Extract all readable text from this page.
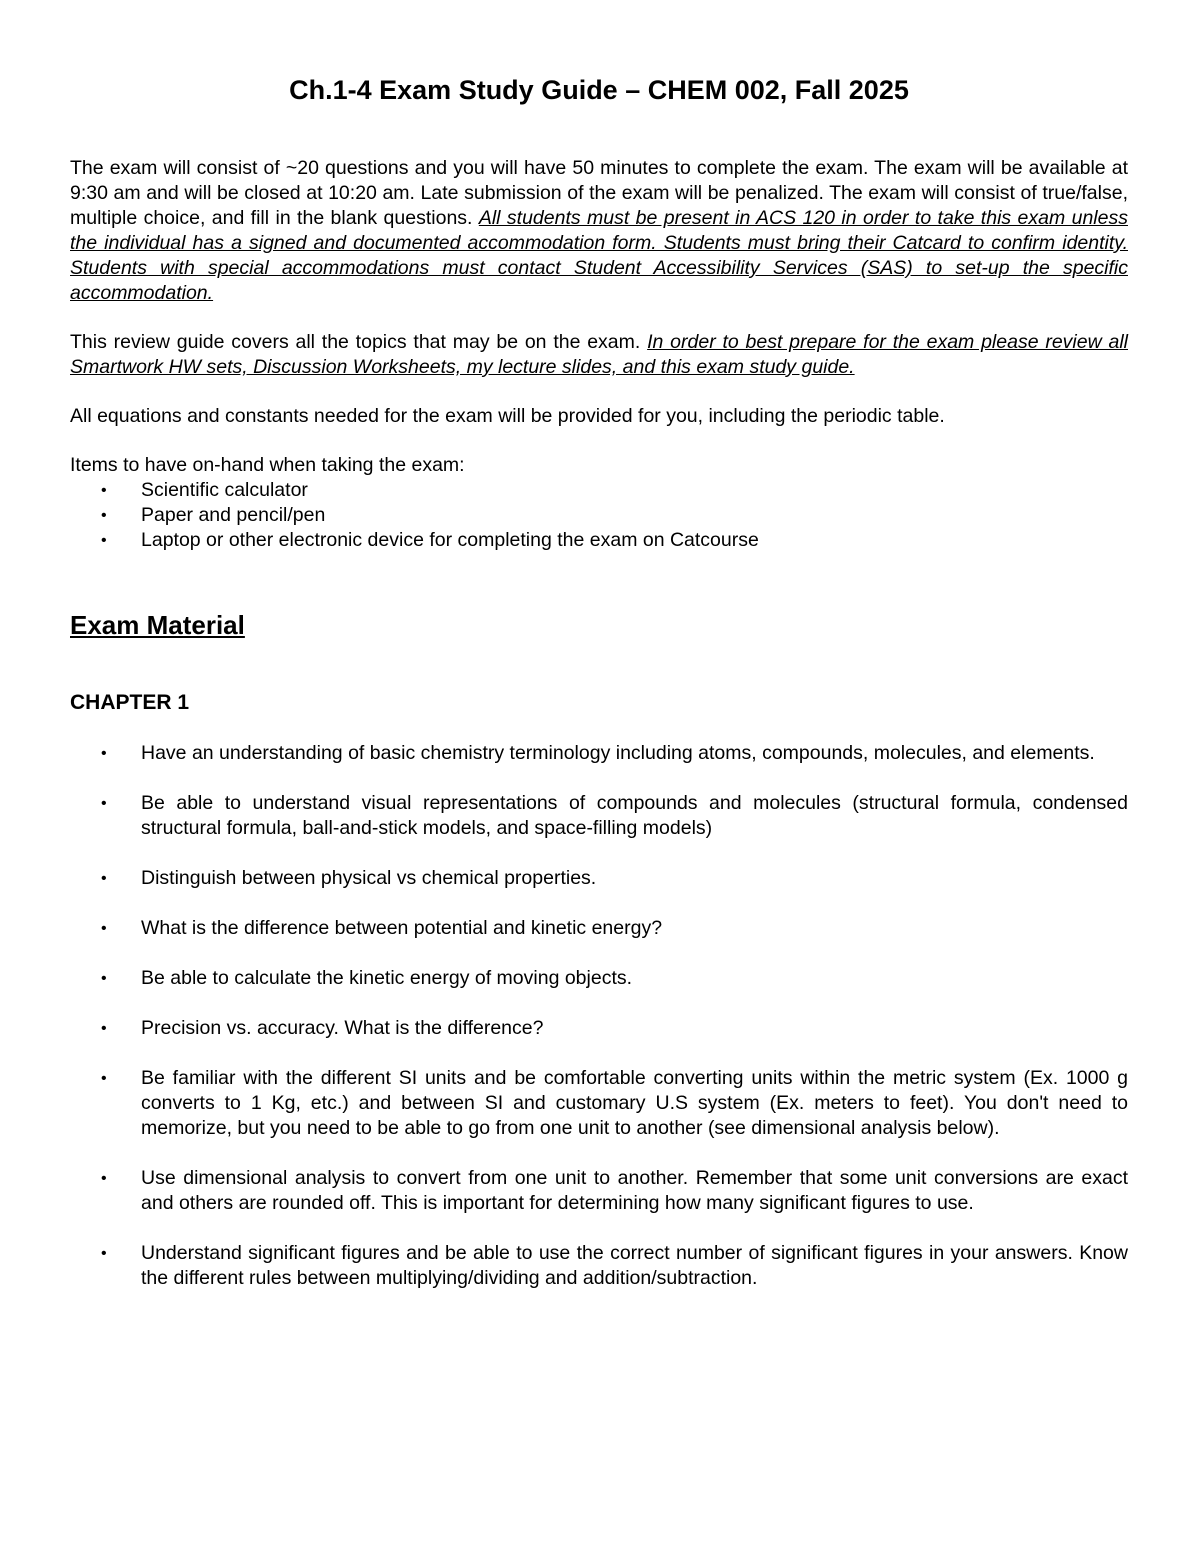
Ch.1-4 Exam Study Guide – CHEM 002, Fall 2025

The exam will consist of ~20 questions and you will have 50 minutes to complete the exam. The exam will be available at 9:30 am and will be closed at 10:20 am. Late submission of the exam will be penalized. The exam will consist of true/false, multiple choice, and fill in the blank questions. All students must be present in ACS 120 in order to take this exam unless the individual has a signed and documented accommodation form. Students must bring their Catcard to confirm identity. Students with special accommodations must contact Student Accessibility Services (SAS) to set-up the specific accommodation.

This review guide covers all the topics that may be on the exam. In order to best prepare for the exam please review all Smartwork HW sets, Discussion Worksheets, my lecture slides, and this exam study guide.

All equations and constants needed for the exam will be provided for you, including the periodic table.

Items to have on-hand when taking the exam:

• Scientific calculator
• Paper and pencil/pen
• Laptop or other electronic device for completing the exam on Catcourse
Exam Material
CHAPTER 1
• Have an understanding of basic chemistry terminology including atoms, compounds, molecules, and elements.
• Be able to understand visual representations of compounds and molecules (structural formula, condensed structural formula, ball-and-stick models, and space-filling models)
• Distinguish between physical vs chemical properties.
• What is the difference between potential and kinetic energy?
• Be able to calculate the kinetic energy of moving objects.
• Precision vs. accuracy. What is the difference?
• Be familiar with the different SI units and be comfortable converting units within the metric system (Ex. 1000 g converts to 1 Kg, etc.) and between SI and customary U.S system (Ex. meters to feet). You don't need to memorize, but you need to be able to go from one unit to another (see dimensional analysis below).
• Use dimensional analysis to convert from one unit to another. Remember that some unit conversions are exact and others are rounded off. This is important for determining how many significant figures to use.
• Understand significant figures and be able to use the correct number of significant figures in your answers. Know the different rules between multiplying/dividing and addition/subtraction.
